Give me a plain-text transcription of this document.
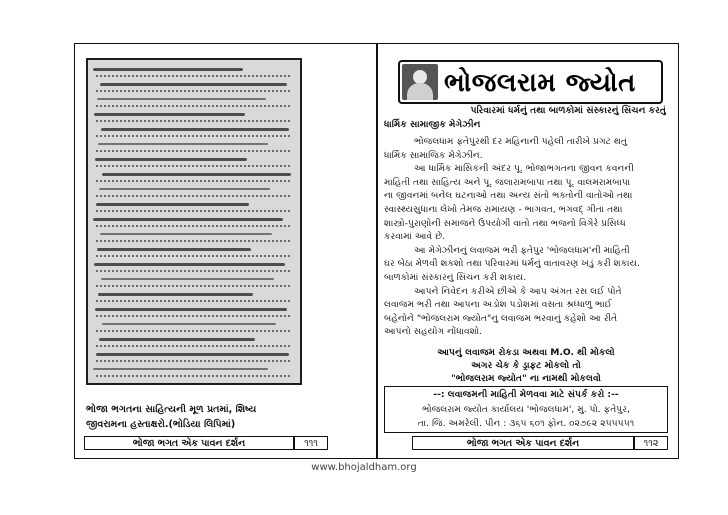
ભોજા ભગતના સાહિત્યની મૂળ પ્રતમાં, શિષ્ય
જીવરામના હસ્તાક્ષરો.(ભોડિયા લિપિમાં)
ભોજા ભગત એક પાવન દર્શન	૧૧૧
ભોજલરામ જ્યોત
પરિવારમાં ધર્મનું તથા બાળકોમાં સંસ્કારનું સિંચન કરતું
ધાર્મિક સામાજીક મેગેઝીન
ભોજલધામ ફતેપુરથી દર મહિનાની પહેલી તારીખે પ્રગટ થતું
ધાર્મિક સામાજિક મેગેઝીન.
આ ધાર્મિક માસિકની અંદર પૂ. ભોજાભગતના જીવન કવનની
માહિતી તથા સાહિત્ય અને પૂ. જલારામબાપા તથા પૂ. વાલમરામબાપા
ના જીવનમાં બનેલ ઘટનાઓ તથા અન્ય સંતો ભક્તોની વાતોઓ તથા
સ્વાસ્થ્યસુધાના લેખો તેમજ રામાયણ - ભાગવત, ભગવદ્ ગીતા તથા
શાસ્ત્રો-પુરાણોની સમાજને ઉપયોગી વાતો તથા ભજનો વિગેરે પ્રસિધ્ધ
કરવામાં આવે છે.
આ મેગેઝીનનું લવાજમ ભરી ફતેપુર 'ભોજલધામ'ની માહિતી
ઘર બેઠા મેળવી શકશો તથા પરિવારમાં ધર્મનું વાતાવરણ ખડું કરી શકાય.
બાળકોમાં સંસ્કારનું સિંચન કરી શકાય.
આપને નિવેદન કરીએ છીએ કે આપ અંગત રસ લઈ પોતે
લવાજમ ભરી તથા આપના અડોશ પડોશમાં વસતા શ્રધ્ધાળુ ભાઈ
બહેનોને "ભોજલરામ જ્યોત"નુ લવાજમ ભરવાનું કહેશો આ રીતે
આપનો સહયોગ નોંધાવશો.
આપનું લવાજમ રોકડા અથવા M.O. થી મોકલો
અગર ચેક કે ડ્રાફટ મોકલો તો
"ભોજલરામ જ્યોત" ના નામથી મોકલવો
--: લવાજમની માહિતી મેળવવા માટે સંપર્ક કરો :--
ભોજલરામ જ્યોત કાર્યાલય 'ભોજલધામ', મુ. પો. ફતેપુર,
તા. જિ. અમરેલી. પીન : ૩૬૫ ૬૦૧ ફોન. ૦૨૭૯૨ ૨૫૫૫૫૧
ભોજા ભગત એક પાવન દર્શન	૧૧૨
www.bhojaldham.org
